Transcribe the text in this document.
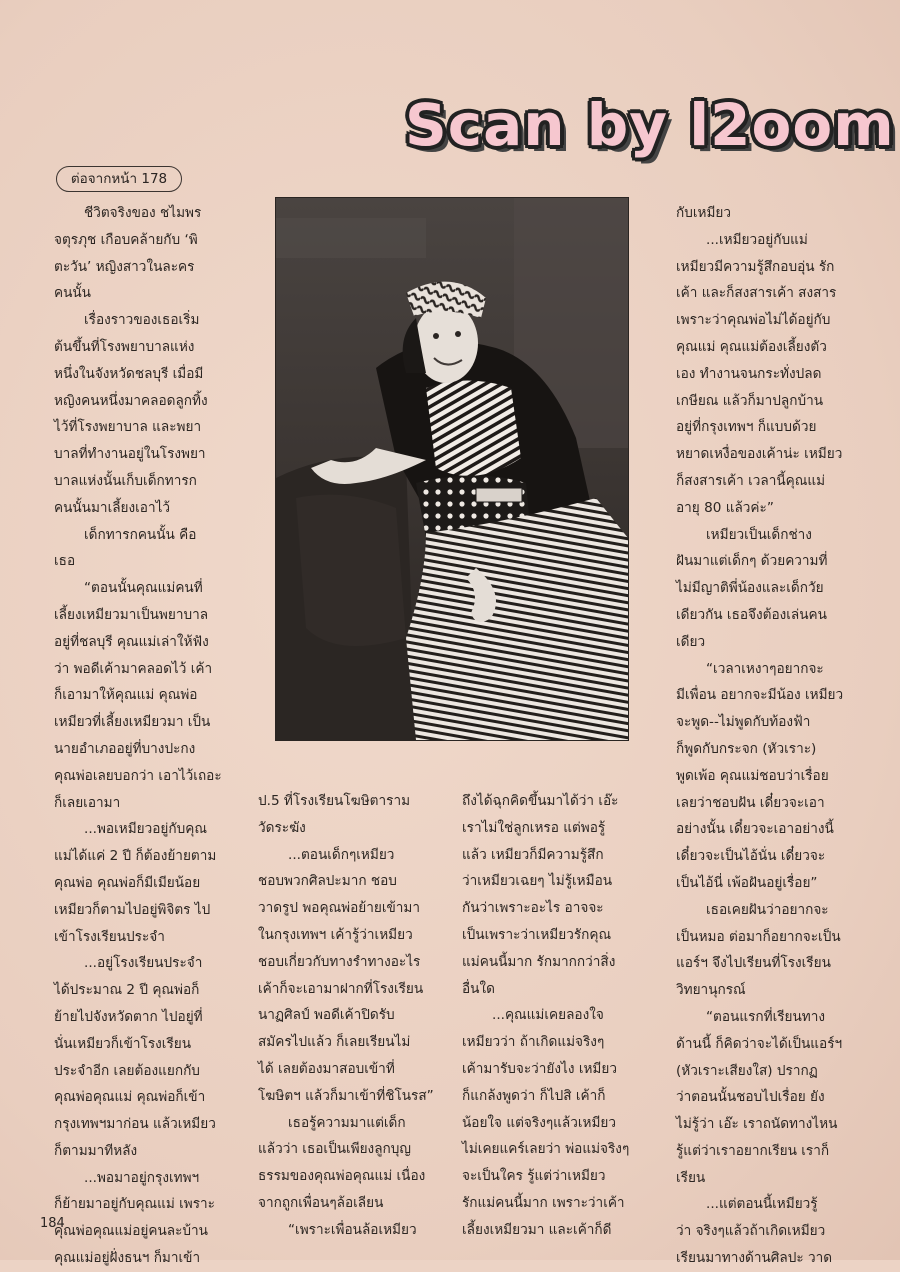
Scan by l2oom
ต่อจากหน้า 178
ชีวิตจริงของ ชไมพร
จตุรภุช เกือบคล้ายกับ ‘พิ
ตะวัน’ หญิงสาวในละคร
คนนั้น
เรื่องราวของเธอเริ่ม
ต้นขึ้นที่โรงพยาบาลแห่ง
หนึ่งในจังหวัดชลบุรี เมื่อมี
หญิงคนหนึ่งมาคลอดลูกทิ้ง
ไว้ที่โรงพยาบาล และพยา
บาลที่ทำงานอยู่ในโรงพยา
บาลแห่งนั้นเก็บเด็กทารก
คนนั้นมาเลี้ยงเอาไว้
เด็กทารกคนนั้น คือ
เธอ
“ตอนนั้นคุณแม่คนที่
เลี้ยงเหมียวมาเป็นพยาบาล
อยู่ที่ชลบุรี คุณแม่เล่าให้ฟัง
ว่า พอดีเค้ามาคลอดไว้ เค้า
ก็เอามาให้คุณแม่ คุณพ่อ
เหมียวที่เลี้ยงเหมียวมา เป็น
นายอำเภออยู่ที่บางปะกง
คุณพ่อเลยบอกว่า เอาไว้เถอะ
ก็เลยเอามา
...พอเหมียวอยู่กับคุณ
แม่ได้แค่ 2 ปี ก็ต้องย้ายตาม
คุณพ่อ คุณพ่อก็มีเมียน้อย
เหมียวก็ตามไปอยู่พิจิตร ไป
เข้าโรงเรียนประจำ
...อยู่โรงเรียนประจำ
ได้ประมาณ 2 ปี คุณพ่อก็
ย้ายไปจังหวัดตาก ไปอยู่ที่
นั่นเหมียวก็เข้าโรงเรียน
ประจำอีก เลยต้องแยกกับ
คุณพ่อคุณแม่ คุณพ่อก็เข้า
กรุงเทพฯมาก่อน แล้วเหมียว
ก็ตามมาทีหลัง
...พอมาอยู่กรุงเทพฯ
ก็ย้ายมาอยู่กับคุณแม่ เพราะ
คุณพ่อคุณแม่อยู่คนละบ้าน
คุณแม่อยู่ฝั่งธนฯ ก็มาเข้า
ป.5 ที่โรงเรียนโฆษิตาราม
วัดระฆัง
...ตอนเด็กๆเหมียว
ชอบพวกศิลปะมาก ชอบ
วาดรูป พอคุณพ่อย้ายเข้ามา
ในกรุงเทพฯ เค้ารู้ว่าเหมียว
ชอบเกี่ยวกับทางรำทางอะไร
เค้าก็จะเอามาฝากที่โรงเรียน
นาฏศิลป์ พอดีเค้าปิดรับ
สมัครไปแล้ว ก็เลยเรียนไม่
ได้ เลยต้องมาสอบเข้าที่
โฆษิตฯ แล้วก็มาเข้าที่ชิโนรส”
เธอรู้ความมาแต่เด็ก
แล้วว่า เธอเป็นเพียงลูกบุญ
ธรรมของคุณพ่อคุณแม่ เนื่อง
จากถูกเพื่อนๆล้อเลียน
“เพราะเพื่อนล้อเหมียว
ถึงได้ฉุกคิดขึ้นมาได้ว่า เอ๊ะ
เราไม่ใช่ลูกเหรอ แต่พอรู้
แล้ว เหมียวก็มีความรู้สึก
ว่าเหมียวเฉยๆ ไม่รู้เหมือน
กันว่าเพราะอะไร อาจจะ
เป็นเพราะว่าเหมียวรักคุณ
แม่คนนี้มาก รักมากกว่าสิ่ง
อื่นใด
...คุณแม่เคยลองใจ
เหมียวว่า ถ้าเกิดแม่จริงๆ
เค้ามารับจะว่ายังไง เหมียว
ก็แกล้งพูดว่า ก็ไปสิ เค้าก็
น้อยใจ แต่จริงๆแล้วเหมียว
ไม่เคยแคร์เลยว่า พ่อแม่จริงๆ
จะเป็นใคร รู้แต่ว่าเหมียว
รักแม่คนนี้มาก เพราะว่าเค้า
เลี้ยงเหมียวมา และเค้าก็ดี
กับเหมียว
...เหมียวอยู่กับแม่
เหมียวมีความรู้สึกอบอุ่น รัก
เค้า และก็สงสารเค้า สงสาร
เพราะว่าคุณพ่อไม่ได้อยู่กับ
คุณแม่ คุณแม่ต้องเลี้ยงตัว
เอง ทำงานจนกระทั่งปลด
เกษียณ แล้วก็มาปลูกบ้าน
อยู่ที่กรุงเทพฯ ก็แบบด้วย
หยาดเหงื่อของเค้าน่ะ เหมียว
ก็สงสารเค้า เวลานี้คุณแม่
อายุ 80 แล้วค่ะ”
เหมียวเป็นเด็กช่าง
ฝันมาแต่เด็กๆ ด้วยความที่
ไม่มีญาติพี่น้องและเด็กวัย
เดียวกัน เธอจึงต้องเล่นคน
เดียว
“เวลาเหงาๆอยากจะ
มีเพื่อน อยากจะมีน้อง เหมียว
จะพูด--ไม่พูดกับท้องฟ้า
ก็พูดกับกระจก (หัวเราะ)
พูดเพ้อ คุณแม่ชอบว่าเรื่อย
เลยว่าชอบฝัน เดี๋ยวจะเอา
อย่างนั้น เดี๋ยวจะเอาอย่างนี้
เดี๋ยวจะเป็นไอ้นั่น เดี๋ยวจะ
เป็นไอ้นี่ เพ้อฝันอยู่เรื่อย”
เธอเคยฝันว่าอยากจะ
เป็นหมอ ต่อมาก็อยากจะเป็น
แอร์ฯ จึงไปเรียนที่โรงเรียน
วิทยานุกรณ์
“ตอนแรกที่เรียนทาง
ด้านนี้ ก็คิดว่าจะได้เป็นแอร์ฯ
(หัวเราะเสียงใส) ปรากฏ
ว่าตอนนั้นชอบไปเรื่อย ยัง
ไม่รู้ว่า เอ๊ะ เราถนัดทางไหน
รู้แต่ว่าเราอยากเรียน เราก็
เรียน
...แต่ตอนนี้เหมียวรู้
ว่า จริงๆแล้วถ้าเกิดเหมียว
เรียนมาทางด้านศิลปะ วาด
184
